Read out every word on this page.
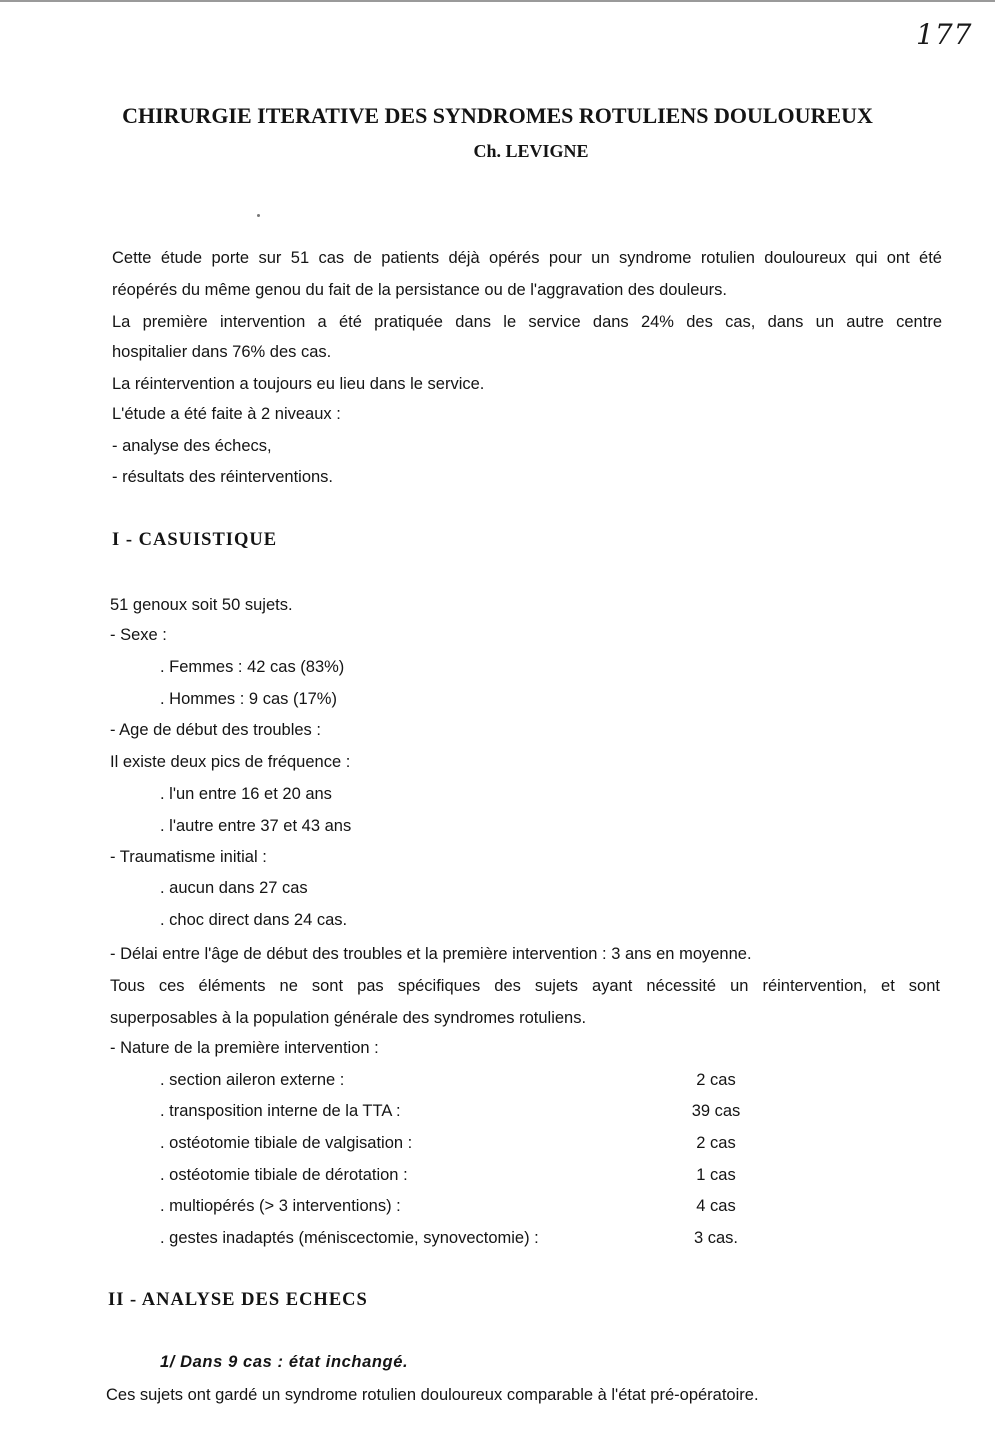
177
CHIRURGIE ITERATIVE DES SYNDROMES ROTULIENS DOULOUREUX
Ch. LEVIGNE
Cette étude porte sur 51 cas de patients déjà opérés pour un syndrome rotulien douloureux qui ont été
réopérés du même genou du fait de la persistance ou de l'aggravation des douleurs.
La première intervention a été pratiquée dans le service dans 24% des cas, dans un autre centre
hospitalier dans 76% des cas.
La réintervention a toujours eu lieu dans le service.
L'étude a été faite à 2 niveaux :
- analyse des échecs,
- résultats des réinterventions.
I - CASUISTIQUE
51 genoux soit 50 sujets.
- Sexe :
. Femmes : 42 cas (83%)
. Hommes : 9 cas (17%)
- Age de début des troubles :
Il existe deux pics de fréquence :
. l'un entre 16 et 20 ans
. l'autre entre 37 et 43 ans
- Traumatisme initial :
. aucun dans 27 cas
. choc direct dans 24 cas.
- Délai entre l'âge de début des troubles et la première intervention : 3 ans en moyenne.
Tous ces éléments ne sont pas spécifiques des sujets ayant nécessité un réintervention, et sont
superposables à la population générale des syndromes rotuliens.
- Nature de la première intervention :
. section aileron externe :	2 cas
. transposition interne de la TTA :	39 cas
. ostéotomie tibiale de valgisation :	2 cas
. ostéotomie tibiale de dérotation :	1 cas
. multiopérés (> 3 interventions) :	4 cas
. gestes inadaptés (méniscectomie, synovectomie) :	3 cas.
II - ANALYSE DES ECHECS
1/ Dans 9 cas : état inchangé.
Ces sujets ont gardé un syndrome rotulien douloureux comparable à l'état pré-opératoire.
